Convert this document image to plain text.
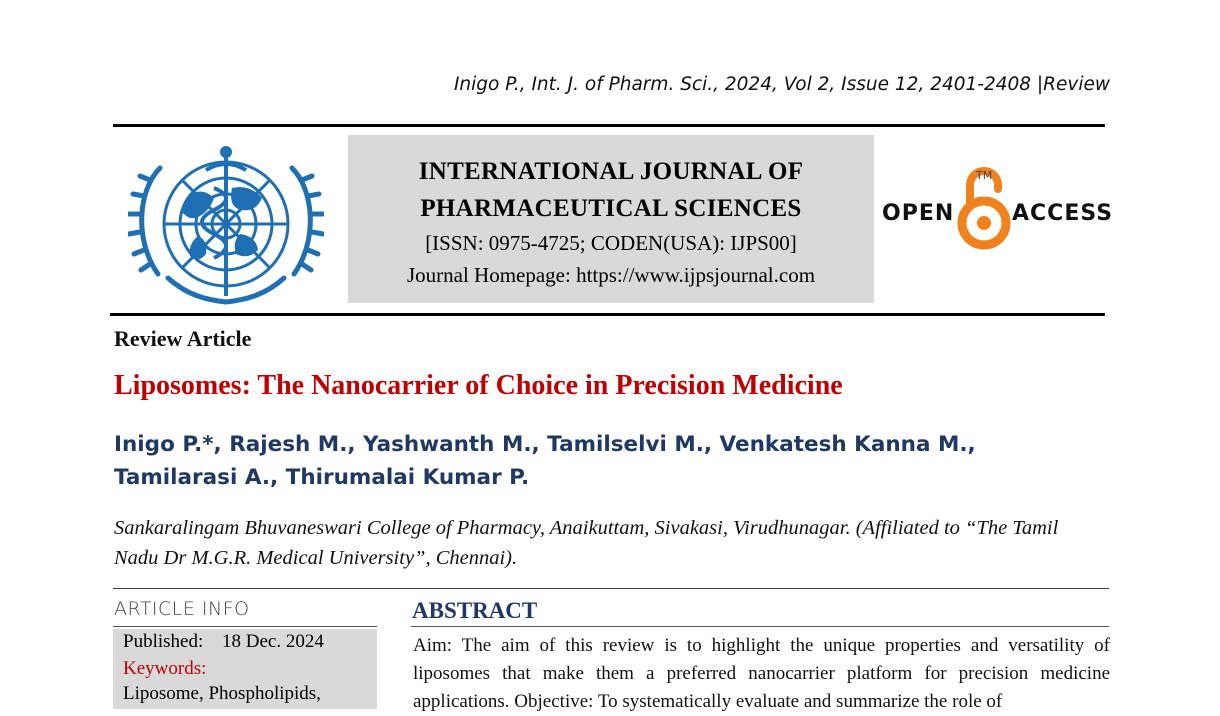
Inigo P., Int. J. of Pharm. Sci., 2024, Vol 2, Issue 12, 2401-2408 |Review
INTERNATIONAL JOURNAL OF
PHARMACEUTICAL SCIENCES
[ISSN: 0975-4725; CODEN(USA): IJPS00]
Journal Homepage: https://www.ijpsjournal.com
OPEN
TM
ACCESS
Review Article
Liposomes: The Nanocarrier of Choice in Precision Medicine
Inigo P.*, Rajesh M., Yashwanth M., Tamilselvi M., Venkatesh Kanna M.,
Tamilarasi A., Thirumalai Kumar P.
Sankaralingam Bhuvaneswari College of Pharmacy, Anaikuttam, Sivakasi, Virudhunagar. (Affiliated to “The Tamil Nadu Dr M.G.R. Medical University”, Chennai).
ARTICLE INFO
Published: 18 Dec. 2024
Keywords:
Liposome, Phospholipids,
ABSTRACT
Aim: The aim of this review is to highlight the unique properties and versatility of liposomes that make them a preferred nanocarrier platform for precision medicine applications. Objective: To systematically evaluate and summarize the role of
